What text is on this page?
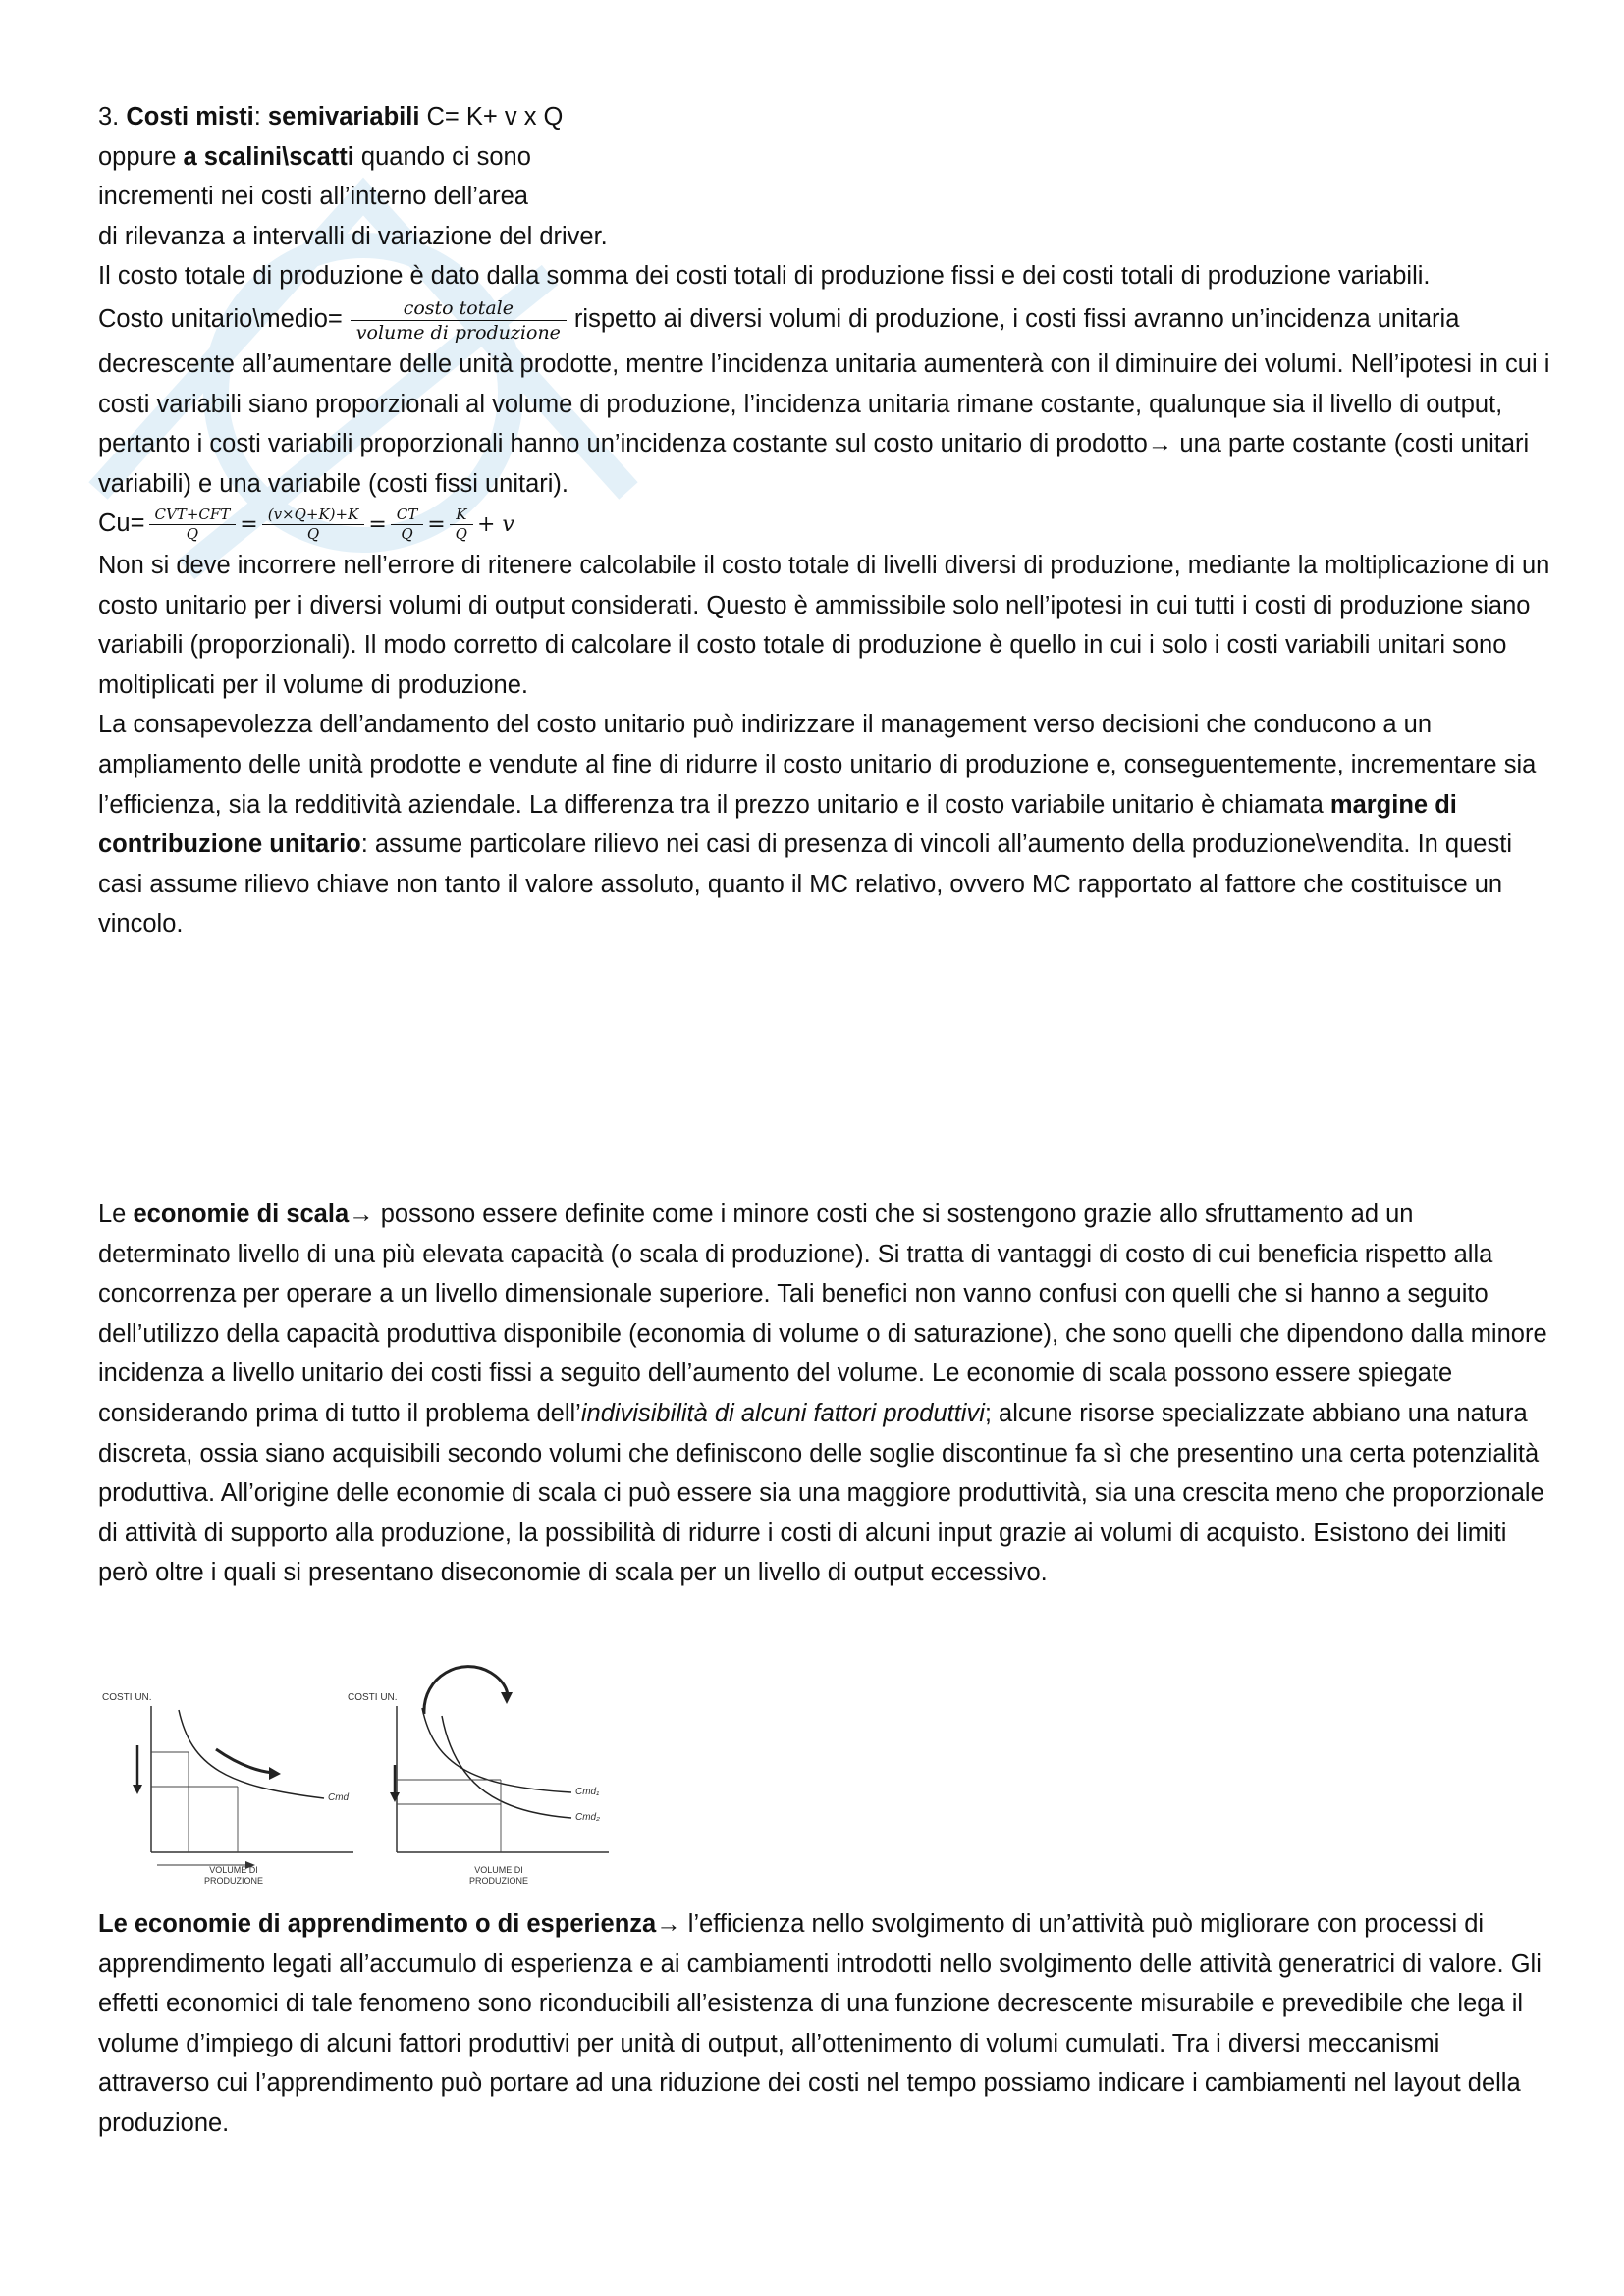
3. Costi misti: semivariabili C= K+ v x Q

oppure a scalini\scatti quando ci sono

incrementi nei costi all’interno dell’area

di rilevanza a intervalli di variazione del driver.

Il costo totale di produzione è dato dalla somma dei costi totali di produzione fissi e dei costi totali di produzione variabili.

Costo unitario\medio= $\frac{\text{costo totale}}{\text{volume di produzione}}$ rispetto ai diversi volumi di produzione, i costi fissi avranno un’incidenza unitaria decrescente all’aumentare delle unità prodotte, mentre l’incidenza unitaria aumenterà con il diminuire dei volumi. Nell’ipotesi in cui i costi variabili siano proporzionali al volume di produzione, l’incidenza unitaria rimane costante, qualunque sia il livello di output, pertanto i costi variabili proporzionali hanno un’incidenza costante sul costo unitario di prodotto→ una parte costante (costi unitari variabili) e una variabile (costi fissi unitari).

$Cu= \frac{\text{CVT+CFT}}{Q} = \frac{(v\times Q+K)+K}{Q} = \frac{CT}{Q} = \frac{K}{Q} + v$

Non si deve incorrere nell’errore di ritenere calcolabile il costo totale di livelli diversi di produzione, mediante la moltiplicazione di un costo unitario per i diversi volumi di output considerati. Questo è ammissibile solo nell’ipotesi in cui tutti i costi di produzione siano variabili (proporzionali). Il modo corretto di calcolare il costo totale di produzione è quello in cui i solo i costi variabili unitari sono moltiplicati per il volume di produzione.

La consapevolezza dell’andamento del costo unitario può indirizzare il management verso decisioni che conducono a un ampliamento delle unità prodotte e vendute al fine di ridurre il costo unitario di produzione e, conseguentemente, incrementare sia l’efficienza, sia la redditività aziendale. La differenza tra il prezzo unitario e il costo variabile unitario è chiamata margine di contribuzione unitario: assume particolare rilievo nei casi di presenza di vincoli all’aumento della produzione\vendita. In questi casi assume rilievo chiave non tanto il valore assoluto, quanto il MC relativo, ovvero MC rapportato al fattore che costituisce un vincolo.

Le economie di scala→ possono essere definite come i minore costi che si sostengono grazie allo sfruttamento ad un determinato livello di una più elevata capacità (o scala di produzione). Si tratta di vantaggi di costo di cui beneficia rispetto alla concorrenza per operare a un livello dimensionale superiore. Tali benefici non vanno confusi con quelli che si hanno a seguito dell’utilizzo della capacità produttiva disponibile (economia di volume o di saturazione), che sono quelli che dipendono dalla minore incidenza a livello unitario dei costi fissi a seguito dell’aumento del volume. Le economie di scala possono essere spiegate considerando prima di tutto il problema dell’indivisibilità di alcuni fattori produttivi; alcune risorse specializzate abbiano una natura discreta, ossia siano acquisibili secondo volumi che definiscono delle soglie discontinue fa sì che presentino una certa potenzialità produttiva. All’origine delle economie di scala ci può essere sia una maggiore produttività, sia una crescita meno che proporzionale di attività di supporto alla produzione, la possibilità di ridurre i costi di alcuni input grazie ai volumi di acquisto. Esistono dei limiti però oltre i quali si presentano diseconomie di scala per un livello di output eccessivo.

COSTI UN.
Cmd
VOLUME DI
PRODUZIONE
COSTI UN.
Cmd₁
Cmd₂
VOLUME DI
PRODUZIONE

Le economie di apprendimento o di esperienza→ l’efficienza nello svolgimento di un’attività può migliorare con processi di apprendimento legati all’accumulo di esperienza e ai cambiamenti introdotti nello svolgimento delle attività generatrici di valore. Gli effetti economici di tale fenomeno sono riconducibili all’esistenza di una funzione decrescente misurabile e prevedibile che lega il volume d’impiego di alcuni fattori produttivi per unità di output, all’ottenimento di volumi cumulati. Tra i diversi meccanismi attraverso cui l’apprendimento può portare ad una riduzione dei costi nel tempo possiamo indicare i cambiamenti nel layout della produzione.
